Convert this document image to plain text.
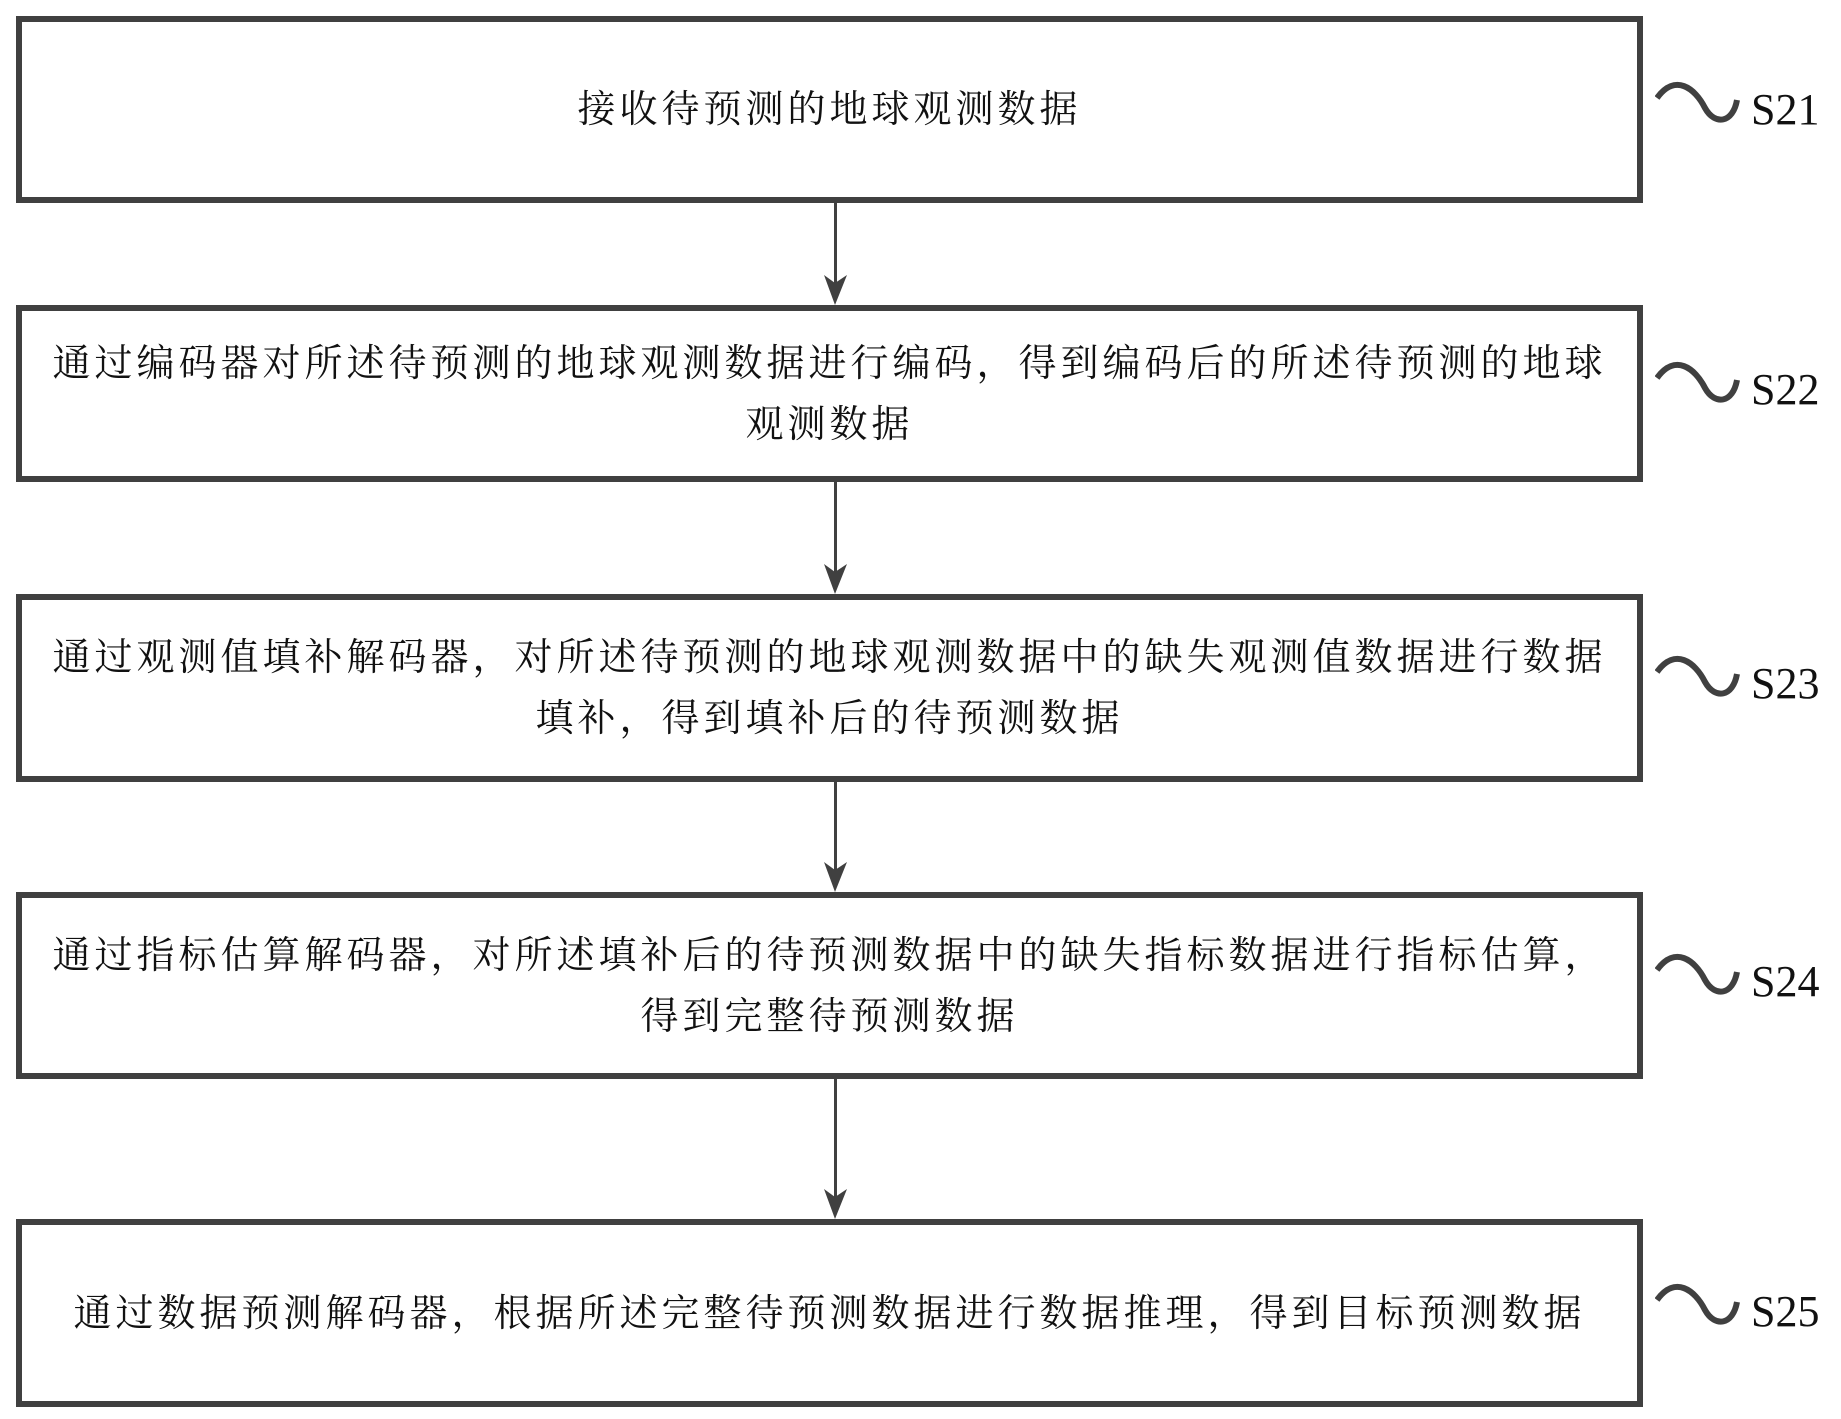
接收待预测的地球观测数据	S21
通过编码器对所述待预测的地球观测数据进行编码，得到编码后的所述待预测的地球观测数据
S22
通过观测值填补解码器，对所述待预测的地球观测数据中的缺失观测值数据进行数据填补，得到填补后的待预测数据
S23
通过指标估算解码器，对所述填补后的待预测数据中的缺失指标数据进行指标估算，得到完整待预测数据
S24
通过数据预测解码器，根据所述完整待预测数据进行数据推理，得到目标预测数据	S25
